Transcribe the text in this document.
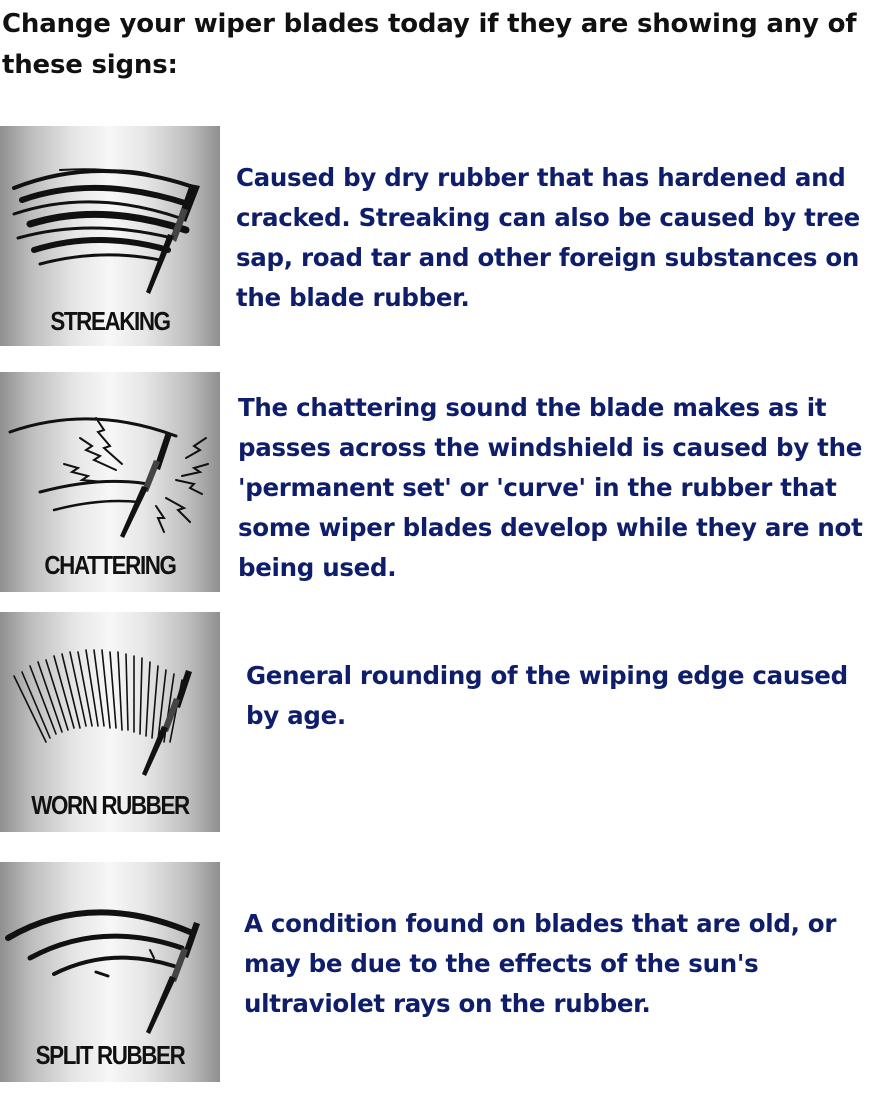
Change your wiper blades today if they are showing any of these signs:
STREAKING

Caused by dry rubber that has hardened and cracked. Streaking can also be caused by tree sap, road tar and other foreign substances on the blade rubber.

CHATTERING

The chattering sound the blade makes as it passes across the windshield is caused by the 'permanent set' or 'curve' in the rubber that some wiper blades develop while they are not being used.

WORN RUBBER

General rounding of the wiping edge caused by age.

SPLIT RUBBER

A condition found on blades that are old, or may be due to the effects of the sun's ultraviolet rays on the rubber.
